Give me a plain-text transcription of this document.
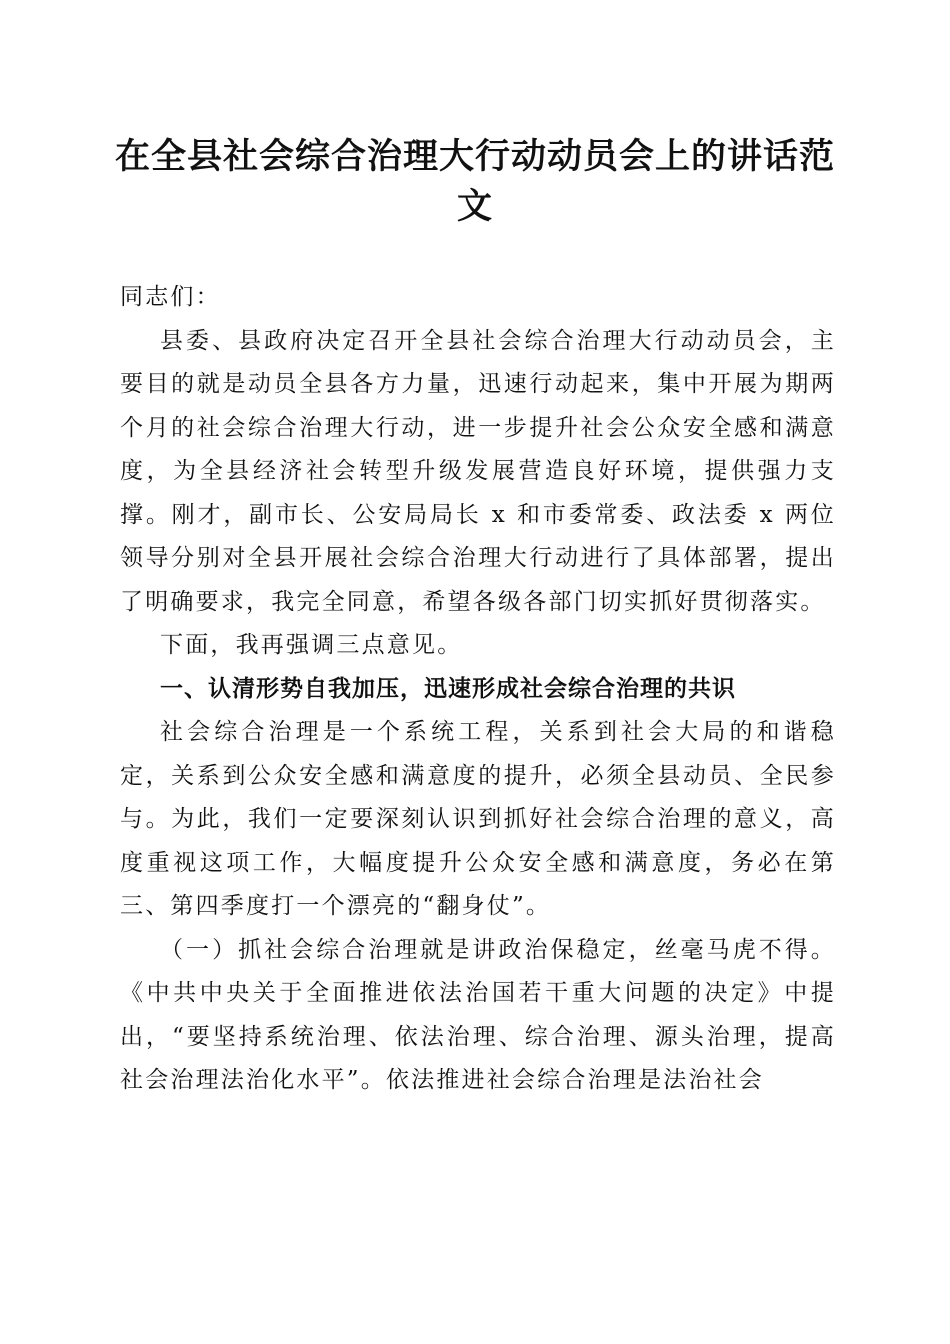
在全县社会综合治理大行动动员会上的讲话范文

同志们：

县委、县政府决定召开全县社会综合治理大行动动员会，主要目的就是动员全县各方力量，迅速行动起来，集中开展为期两个月的社会综合治理大行动，进一步提升社会公众安全感和满意度，为全县经济社会转型升级发展营造良好环境，提供强力支撑。刚才，副市长、公安局局长 x 和市委常委、政法委 x 两位领导分别对全县开展社会综合治理大行动进行了具体部署，提出了明确要求，我完全同意，希望各级各部门切实抓好贯彻落实。

下面，我再强调三点意见。

一、认清形势自我加压，迅速形成社会综合治理的共识

社会综合治理是一个系统工程，关系到社会大局的和谐稳定，关系到公众安全感和满意度的提升，必须全县动员、全民参与。为此，我们一定要深刻认识到抓好社会综合治理的意义，高度重视这项工作，大幅度提升公众安全感和满意度，务必在第三、第四季度打一个漂亮的“翻身仗”。

（一）抓社会综合治理就是讲政治保稳定，丝毫马虎不得。《中共中央关于全面推进依法治国若干重大问题的决定》中提出，“要坚持系统治理、依法治理、综合治理、源头治理，提高社会治理法治化水平”。依法推进社会综合治理是法治社会
